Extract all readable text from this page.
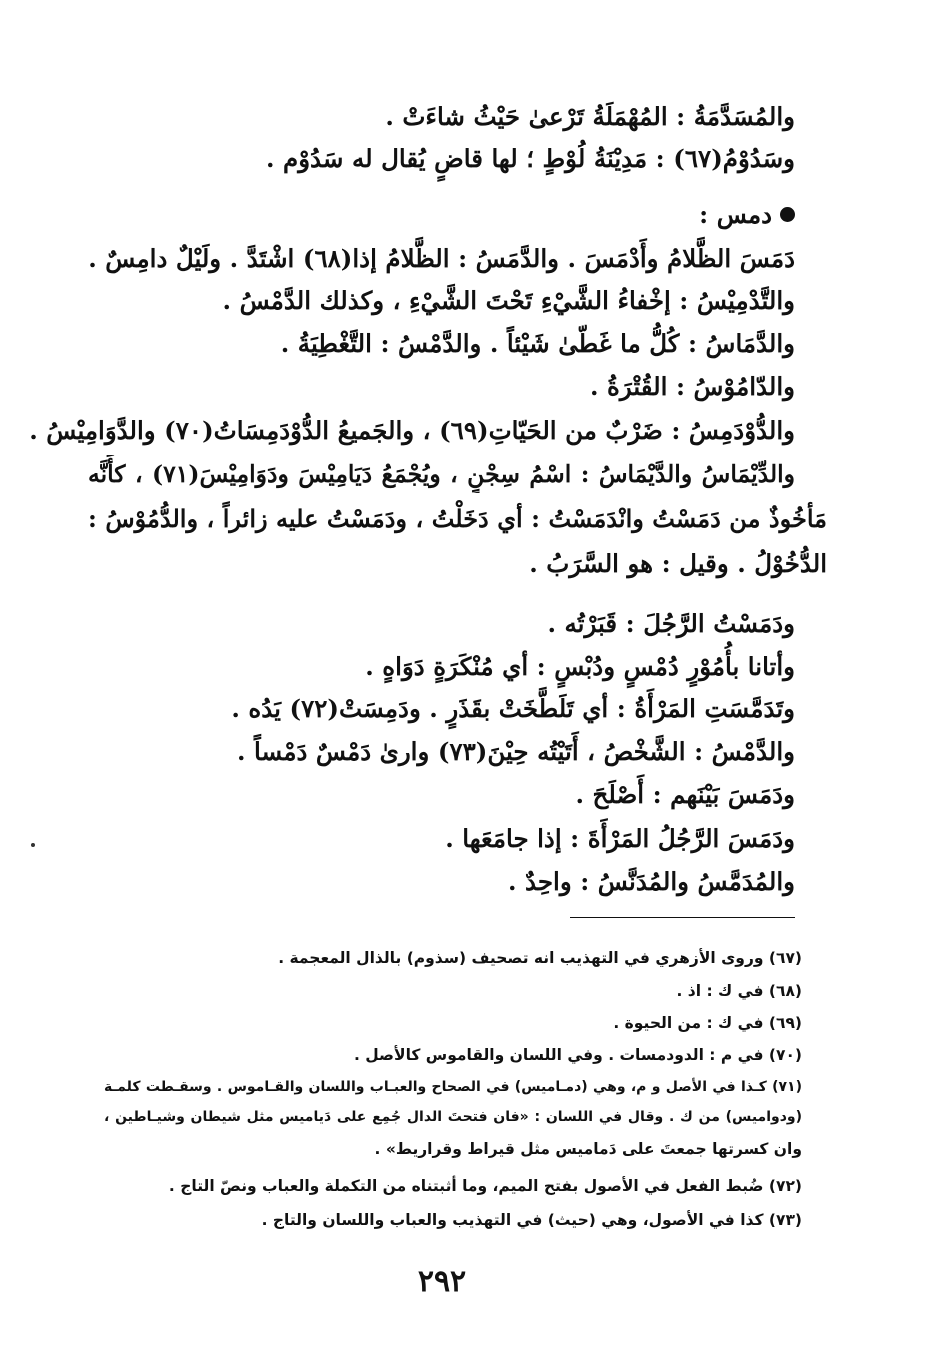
والمُسَدَّمَةُ : المُهْمَلَةُ تَرْعىٰ حَيْثُ شاءَتْ .
وسَدُوْمُ(٦٧) : مَدِيْنَةُ لُوْطٍ ؛ لها قاضٍ يُقال له سَدُوْم .
دمس :
دَمَسَ الظَّلامُ وأَدْمَسَ . والدَّمَسُ : الظَّلامُ إذا(٦٨) اشْتَدَّ . ولَيْلٌ دامِسٌ .
والتَّدْمِيْسُ : إخْفاءُ الشَّيْءِ تَحْتَ الشَّيْءِ ، وكذلك الدَّمْسُ .
والدَّمَاسُ : كُلُّ ما غَطّىٰ شَيْئاً . والدَّمْسُ : التَّغْطِيَةُ .
والدّامُوْسُ : القُتْرَةُ .
والدُّوْدَمِسُ : ضَرْبٌ من الحَيّاتِ(٦٩) ، والجَميعُ الدُّوْدَمِسَاتُ(٧٠) والدَّوَامِيْسُ .
والدِّيْمَاسُ والدَّيْمَاسُ : اسْمُ سِجْنٍ ، ويُجْمَعُ دَيَامِيْسَ ودَوَامِيْسَ(٧١) ، كأَنَّه
مَأخُوذٌ من دَمَسْتُ وانْدَمَسْتُ : أي دَخَلْتُ ، ودَمَسْتُ عليه زائراً ، والدُّمُوْسُ :
الدُّخُوْلُ . وقيل : هو السَّرَبُ .
ودَمَسْتُ الرَّجُلَ : قَبَرْتُه .
وأتانا بأُمُوْرٍ دُمْسٍ ودُبْسٍ : أي مُنْكَرَةٍ دَوَاهٍ .
وتَدَمَّسَتِ المَرْأَةُ : أي تَلَطَّخَتْ بقَذَرٍ . ودَمِسَتْ(٧٢) يَدُه .
والدَّمْسُ : الشَّخْصُ ، أَتَيْتُه حِيْنَ(٧٣) وارىٰ دَمْسٌ دَمْساً .
ودَمَسَ بَيْنَهم : أَصْلَحَ .
ودَمَسَ الرَّجُلُ المَرْأَةَ : إذا جامَعَها .
والمُدَمَّسُ والمُدَنَّسُ : واحِدٌ .
(٦٧) وروى الأزهري في التهذيب انه تصحيف (سذوم) بالذال المعجمة .
(٦٨) في ك : اذ .
(٦٩) في ك : من الحيوة .
(٧٠) في م : الدودمسات . وفي اللسان والقاموس كالأصل .
(٧١) كـذا في الأصل و م، وهي (دمـاميس) في الصحاح والعبـاب واللسان والقـاموس . وسقـطت كلمـة
(ودواميس) من ك . وقال في اللسان : «فان فتحتَ الدال جُمِع على دَياميس مثل شيطان وشيـاطين ،
وان كسرتها جمعتَ على دَماميس مثل قيراط وقراريط» .
(٧٢) ضُبط الفعل في الأصول بفتح الميم، وما أثبتناه من التكملة والعباب ونصّ التاج .
(٧٣) كذا في الأصول، وهي (حيث) في التهذيب والعباب واللسان والتاج .
٢٩٢
